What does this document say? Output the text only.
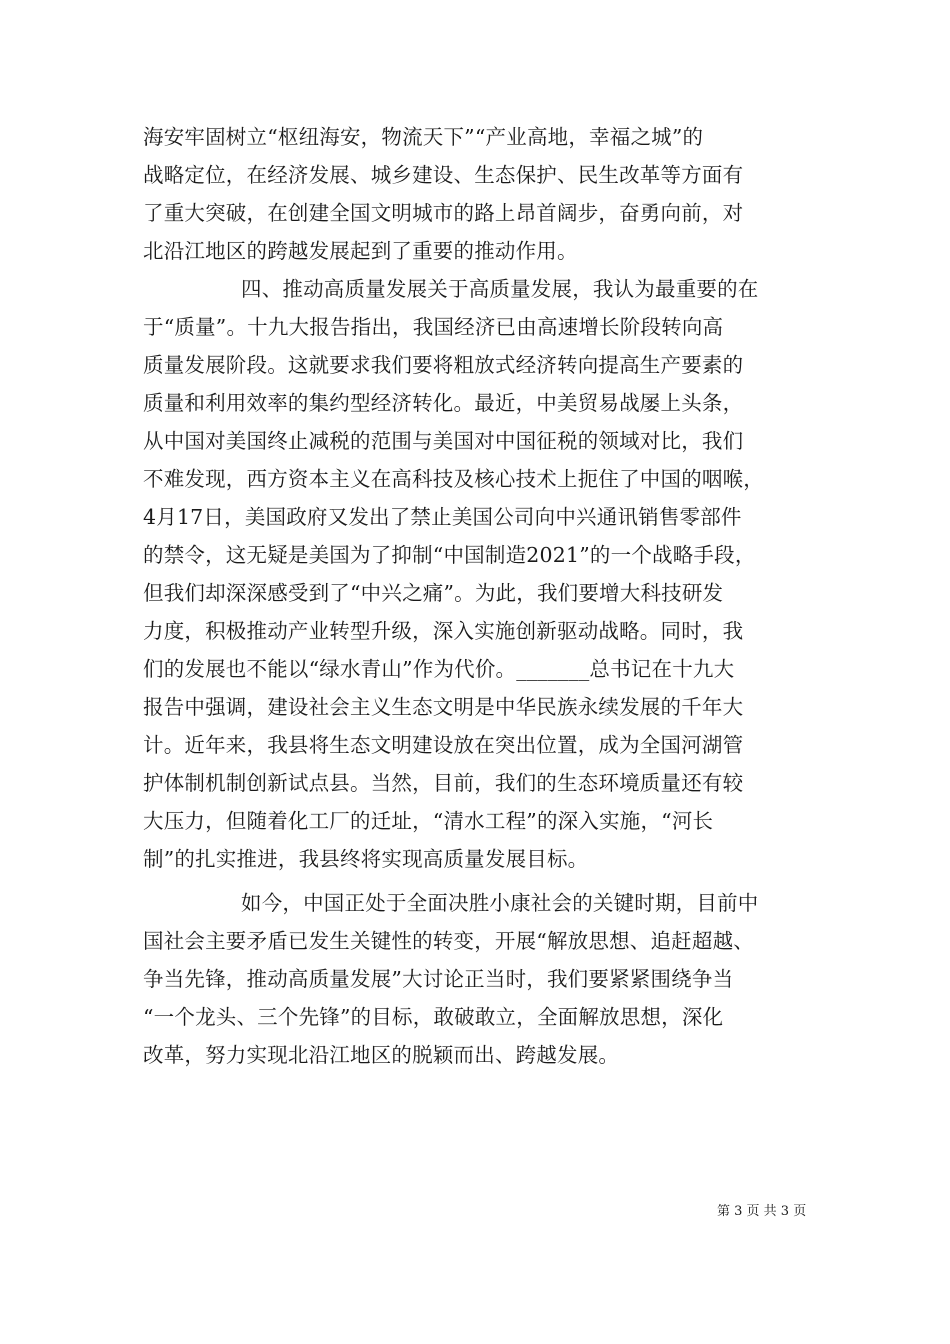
海安牢固树立“枢纽海安，物流天下”“产业高地，幸福之城”的
战略定位，在经济发展、城乡建设、生态保护、民生改革等方面有
了重大突破，在创建全国文明城市的路上昂首阔步，奋勇向前，对
北沿江地区的跨越发展起到了重要的推动作用。
四、推动高质量发展关于高质量发展，我认为最重要的在
于“质量”。十九大报告指出，我国经济已由高速增长阶段转向高
质量发展阶段。这就要求我们要将粗放式经济转向提高生产要素的
质量和利用效率的集约型经济转化。最近，中美贸易战屡上头条，
从中国对美国终止减税的范围与美国对中国征税的领域对比，我们
不难发现，西方资本主义在高科技及核心技术上扼住了中国的咽喉，
4月17日，美国政府又发出了禁止美国公司向中兴通讯销售零部件
的禁令，这无疑是美国为了抑制“中国制造2021”的一个战略手段，
但我们却深深感受到了“中兴之痛”。为此，我们要增大科技研发
力度，积极推动产业转型升级，深入实施创新驱动战略。同时，我
们的发展也不能以“绿水青山”作为代价。_______总书记在十九大
报告中强调，建设社会主义生态文明是中华民族永续发展的千年大
计。近年来，我县将生态文明建设放在突出位置，成为全国河湖管
护体制机制创新试点县。当然，目前，我们的生态环境质量还有较
大压力，但随着化工厂的迁址，“清水工程”的深入实施，“河长
制”的扎实推进，我县终将实现高质量发展目标。
如今，中国正处于全面决胜小康社会的关键时期，目前中
国社会主要矛盾已发生关键性的转变，开展“解放思想、追赶超越、
争当先锋，推动高质量发展”大讨论正当时，我们要紧紧围绕争当
“一个龙头、三个先锋”的目标，敢破敢立，全面解放思想，深化
改革，努力实现北沿江地区的脱颖而出、跨越发展。
第 3 页 共 3 页
